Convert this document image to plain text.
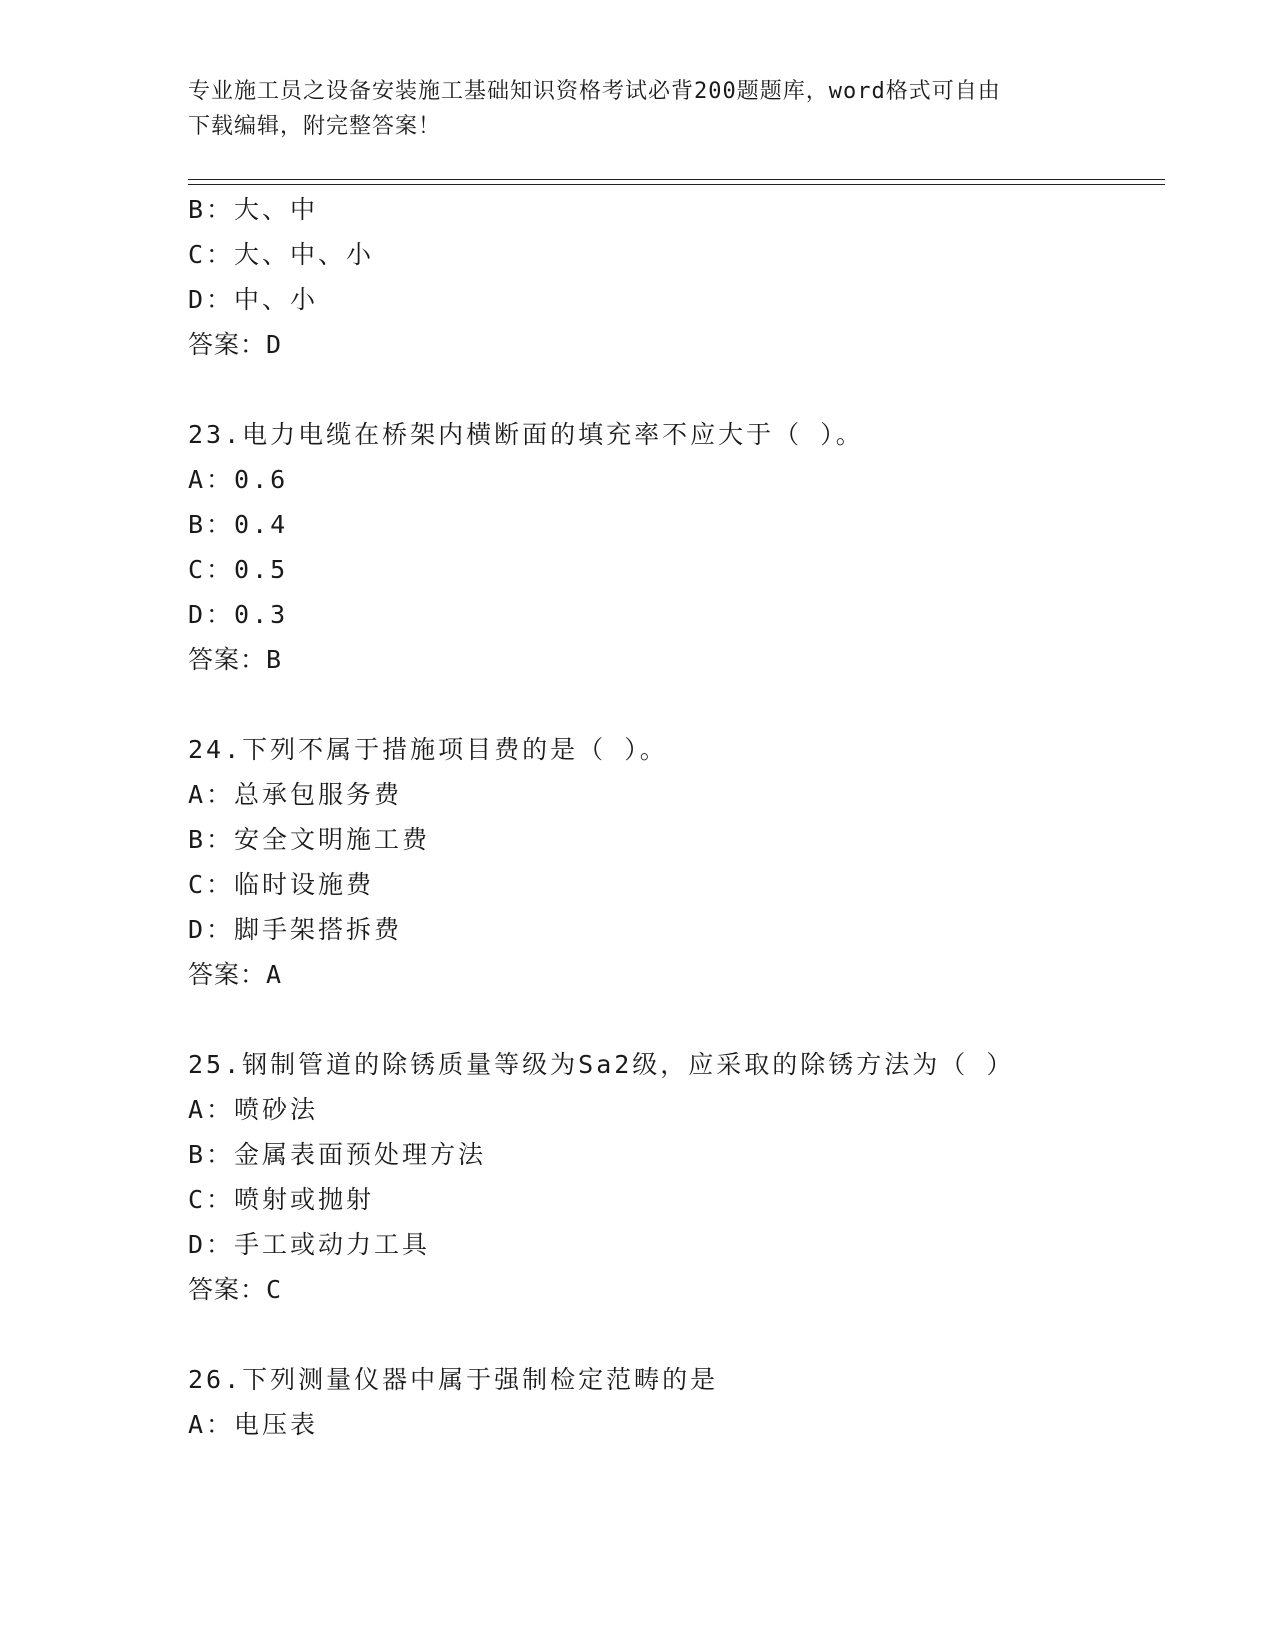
专业施工员之设备安装施工基础知识资格考试必背200题题库，word格式可自由
下载编辑，附完整答案！
B：大、中
C：大、中、小
D：中、小
答案：D
23.电力电缆在桥架内横断面的填充率不应大于（ ）。
A：0.6
B：0.4
C：0.5
D：0.3
答案：B
24.下列不属于措施项目费的是（ ）。
A：总承包服务费
B：安全文明施工费
C：临时设施费
D：脚手架搭拆费
答案：A
25.钢制管道的除锈质量等级为Sa2级，应采取的除锈方法为（ ）
A：喷砂法
B：金属表面预处理方法
C：喷射或抛射
D：手工或动力工具
答案：C
26.下列测量仪器中属于强制检定范畴的是
A：电压表
